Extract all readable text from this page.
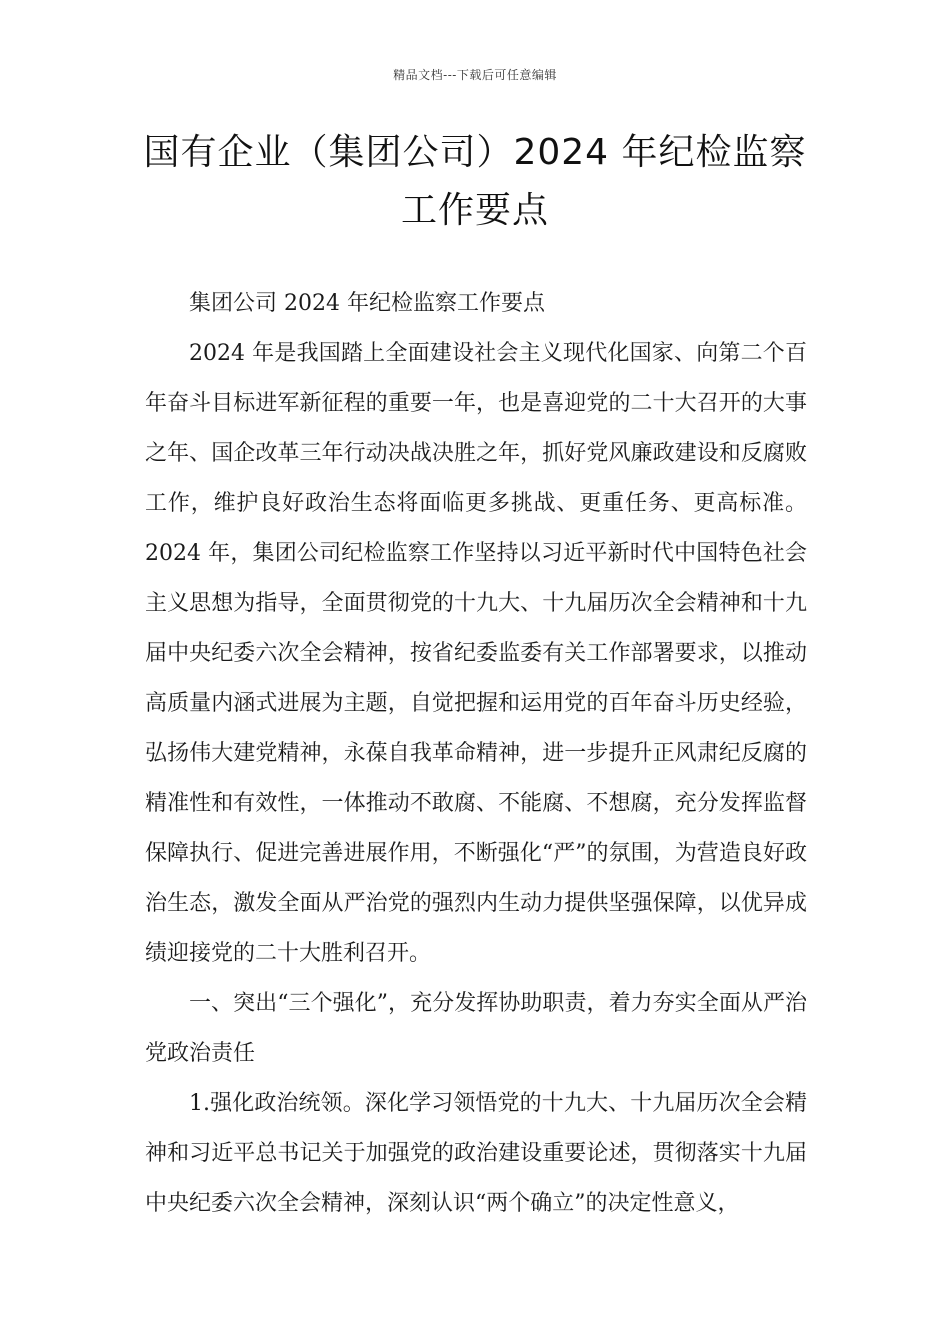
精品文档---下载后可任意编辑
国有企业（集团公司）2024 年纪检监察
工作要点

集团公司 2024 年纪检监察工作要点

2024 年是我国踏上全面建设社会主义现代化国家、向第二个百年奋斗目标进军新征程的重要一年，也是喜迎党的二十大召开的大事之年、国企改革三年行动决战决胜之年，抓好党风廉政建设和反腐败工作，维护良好政治生态将面临更多挑战、更重任务、更高标准。2024 年，集团公司纪检监察工作坚持以习近平新时代中国特色社会主义思想为指导，全面贯彻党的十九大、十九届历次全会精神和十九届中央纪委六次全会精神，按省纪委监委有关工作部署要求，以推动高质量内涵式进展为主题，自觉把握和运用党的百年奋斗历史经验，弘扬伟大建党精神，永葆自我革命精神，进一步提升正风肃纪反腐的精准性和有效性，一体推动不敢腐、不能腐、不想腐，充分发挥监督保障执行、促进完善进展作用，不断强化“严”的氛围，为营造良好政治生态，激发全面从严治党的强烈内生动力提供坚强保障，以优异成绩迎接党的二十大胜利召开。

一、突出“三个强化”，充分发挥协助职责，着力夯实全面从严治党政治责任

1.强化政治统领。深化学习领悟党的十九大、十九届历次全会精神和习近平总书记关于加强党的政治建设重要论述，贯彻落实十九届中央纪委六次全会精神，深刻认识“两个确立”的决定性意义，
